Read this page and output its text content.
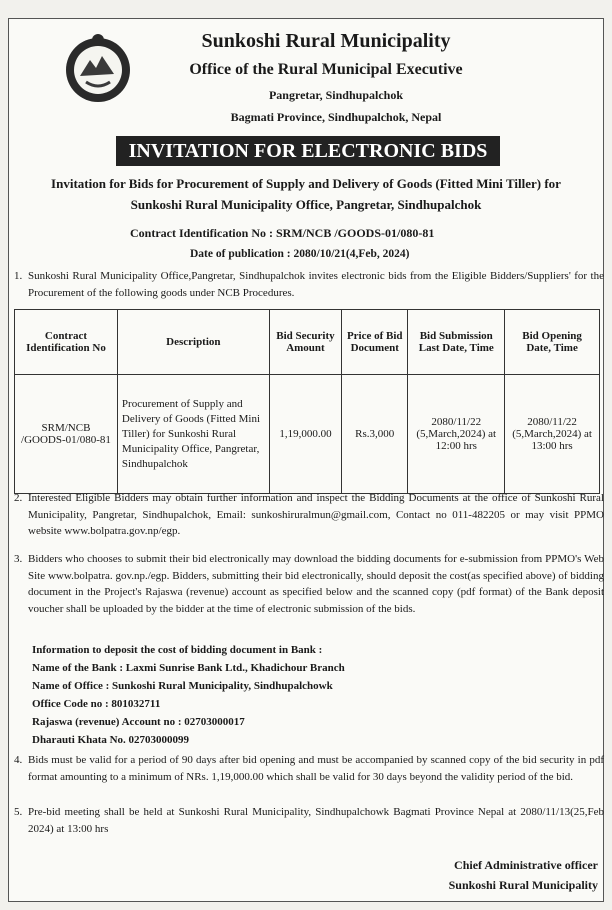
Sunkoshi Rural Municipality
Office of the Rural Municipal Executive
Pangretar, Sindhupalchok
Bagmati Province, Sindhupalchok, Nepal
INVITATION FOR ELECTRONIC BIDS
Invitation for Bids for Procurement of Supply and Delivery of Goods (Fitted Mini Tiller) for
Sunkoshi Rural Municipality Office, Pangretar, Sindhupalchok
Contract Identification No : SRM/NCB /GOODS-01/080-81
Date of publication : 2080/10/21(4,Feb, 2024)
1. Sunkoshi Rural Municipality Office,Pangretar, Sindhupalchok invites electronic bids from the Eligible Bidders/Suppliers' for the Procurement of the following goods under NCB Procedures.
Contract Identification No	Description	Bid Security Amount	Price of Bid Document	Bid Submission Last Date, Time	Bid Opening Date, Time
SRM/NCB /GOODS-01/080-81	Procurement of Supply and Delivery of Goods (Fitted Mini Tiller) for Sunkoshi Rural Municipality Office, Pangretar, Sindhupalchok	1,19,000.00	Rs.3,000	2080/11/22 (5,March,2024) at 12:00 hrs	2080/11/22 (5,March,2024) at 13:00 hrs
2. Interested Eligible Bidders may obtain further information and inspect the Bidding Documents at the office of Sunkoshi Rural Municipality, Pangretar, Sindhupalchok, Email: sunkoshiruralmun@gmail.com, Contact no 011-482205 or may visit PPMO website www.bolpatra.gov.np/egp.
3. Bidders who chooses to submit their bid electronically may download the bidding documents for e-submission from PPMO's Web Site www.bolpatra. gov.np./egp. Bidders, submitting their bid electronically, should deposit the cost(as specified above) of bidding document in the Project's Rajaswa (revenue) account as specified below and the scanned copy (pdf format) of the Bank deposit voucher shall be uploaded by the bidder at the time of electronic submission of the bids.
Information to deposit the cost of bidding document in Bank :
Name of the Bank : Laxmi Sunrise Bank Ltd., Khadichour Branch
Name of Office : Sunkoshi Rural Municipality, Sindhupalchowk
Office Code no : 801032711
Rajaswa (revenue) Account no : 02703000017
Dharauti Khata No. 02703000099
4. Bids must be valid for a period of 90 days after bid opening and must be accompanied by scanned copy of the bid security in pdf format amounting to a minimum of NRs. 1,19,000.00 which shall be valid for 30 days beyond the validity period of the bid.
5. Pre-bid meeting shall be held at Sunkoshi Rural Municipality, Sindhupalchowk Bagmati Province Nepal at 2080/11/13(25,Feb 2024) at 13:00 hrs
Chief Administrative officer
Sunkoshi Rural Municipality
